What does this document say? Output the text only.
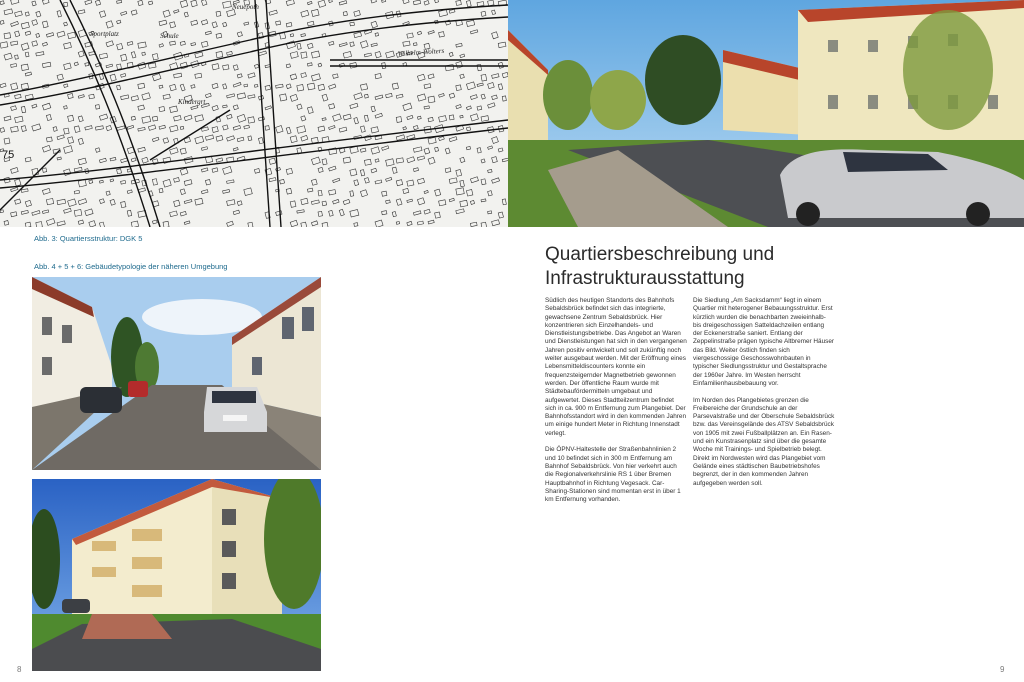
Sportplatz	Schule
Kindergrt.
Wilhelm-Wolters
Neuepoth
75
Abb. 3: Quartiersstruktur: DGK 5
Abb. 4 + 5 + 6: Gebäudetypologie der näheren Umgebung
Quartiersbeschreibung und
Infrastrukturausstattung

Südlich des heutigen Standorts des Bahnhofs Sebaldsbrück befindet sich das integrierte, gewachsene Zentrum Sebaldsbrück. Hier konzentrieren sich Einzelhandels- und Dienstleistungsbetriebe. Das Angebot an Waren und Dienstleistungen hat sich in den vergangenen Jahren positiv entwickelt und soll zukünftig noch weiter ausgebaut werden. Mit der Eröffnung eines Lebensmitteldiscounters konnte ein frequenzsteigernder Magnetbetrieb gewonnen werden. Der öffentliche Raum wurde mit Städtebaufördermitteln umgebaut und aufgewertet. Dieses Stadtteilzentrum befindet sich in ca. 900 m Entfernung zum Plangebiet. Der Bahnhofsstandort wird in den kommenden Jahren um einige hundert Meter in Richtung Innenstadt verlegt.

Die ÖPNV-Haltestelle der Straßenbahnlinien 2 und 10 befindet sich in 300 m Entfernung am Bahnhof Sebaldsbrück. Von hier verkehrt auch die Regionalverkehrslinie RS 1 über Bremen Hauptbahnhof in Richtung Vegesack. Car-Sharing-Stationen sind momentan erst in über 1 km Entfernung vorhanden.

Die Siedlung „Am Sacksdamm“ liegt in einem Quartier mit heterogener Bebauungsstruktur. Erst kürzlich wurden die benachbarten zweieinhalb- bis dreigeschossigen Satteldachzeilen entlang der Eckenerstraße saniert. Entlang der Zeppelinstraße prägen typische Altbremer Häuser das Bild. Weiter östlich finden sich viergeschossige Geschosswohnbauten in typischer Siedlungsstruktur und Gestaltsprache der 1960er Jahre. Im Westen herrscht Einfamilienhausbebauung vor.

Im Norden des Plangebietes grenzen die Freibereiche der Grundschule an der Parsevalstraße und der Oberschule Sebaldsbrück bzw. das Vereinsgelände des ATSV Sebaldsbrück von 1905 mit zwei Fußballplätzen an. Ein Rasen- und ein Kunstrasenplatz sind über die gesamte Woche mit Trainings- und Spielbetrieb belegt. Direkt im Nordwesten wird das Plangebiet vom Gelände eines städtischen Baubetriebshofes begrenzt, der in den kommenden Jahren aufgegeben werden soll.

8	9
